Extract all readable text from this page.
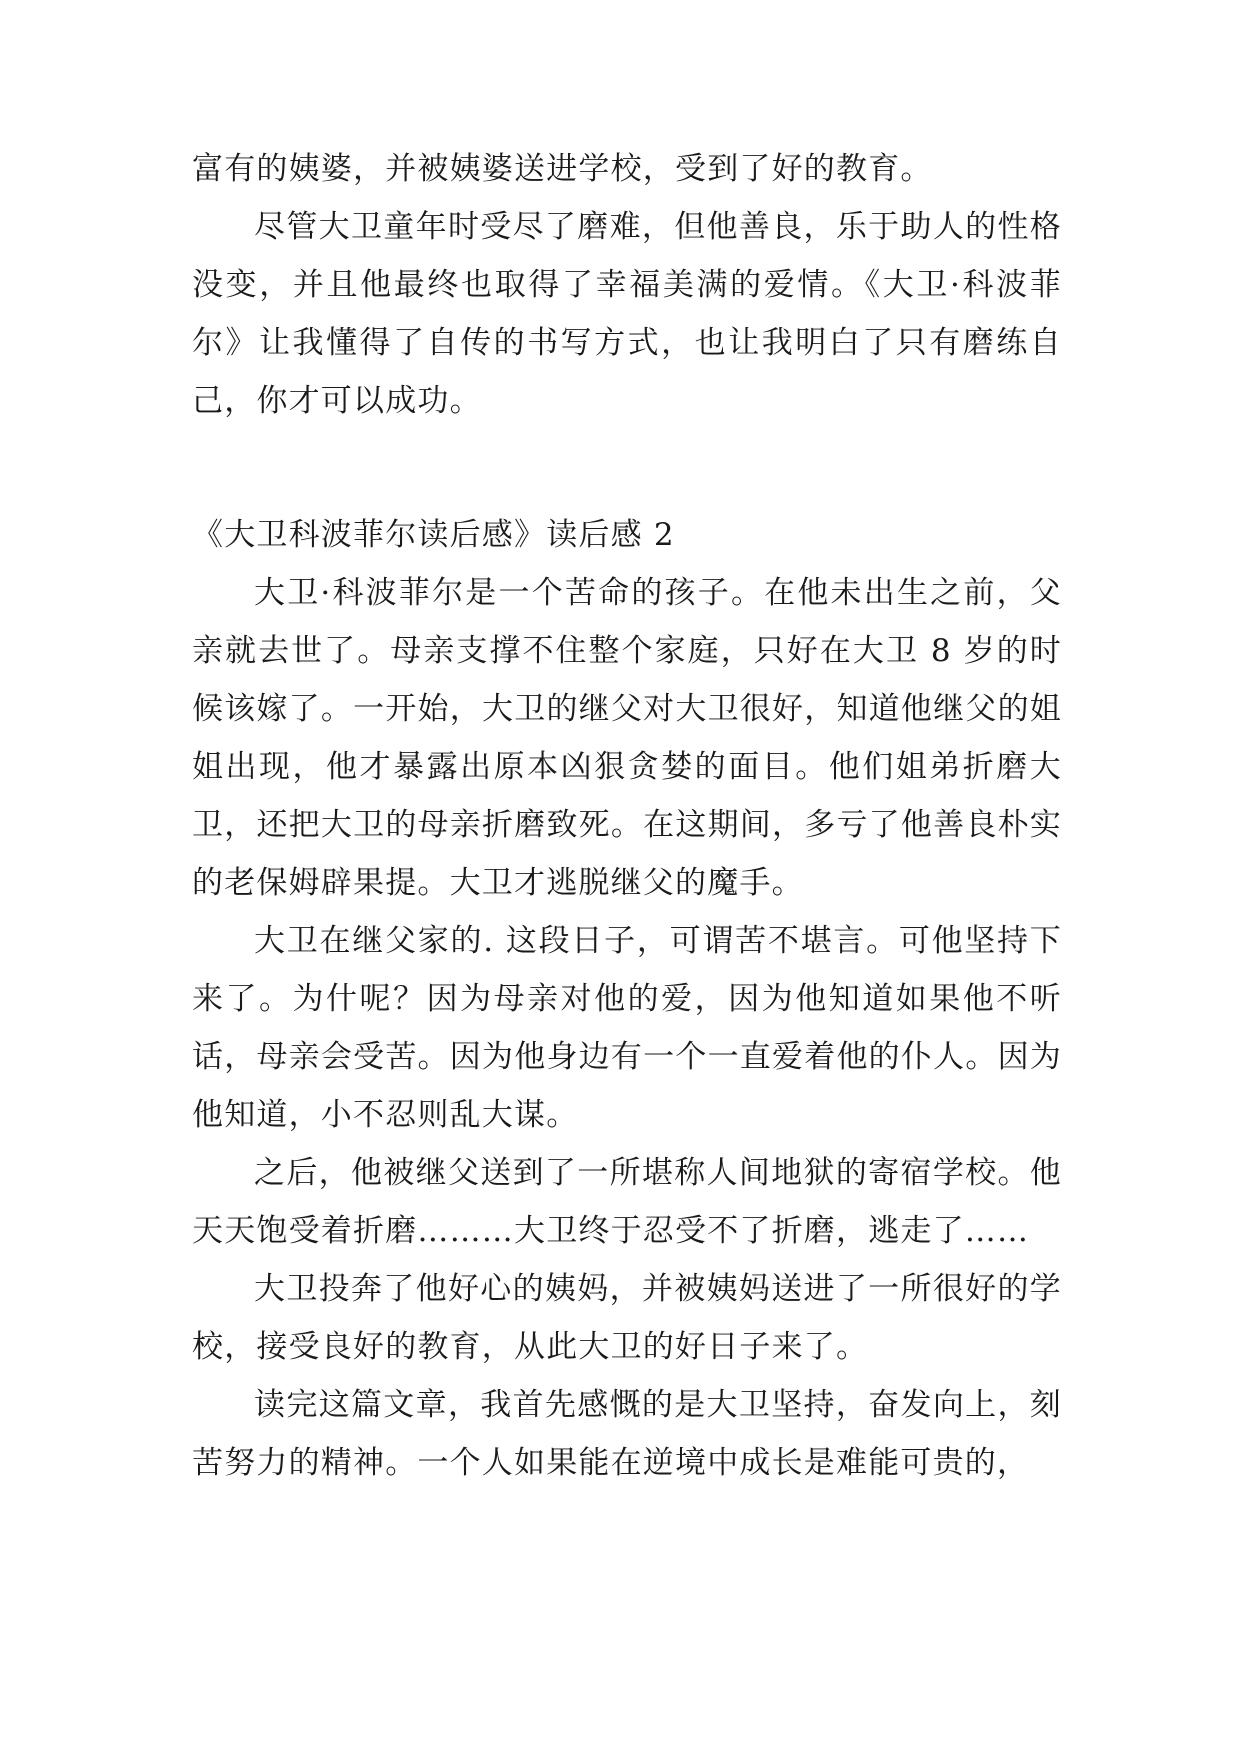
富有的姨婆，并被姨婆送进学校，受到了好的教育。

尽管大卫童年时受尽了磨难，但他善良，乐于助人的性格没变，并且他最终也取得了幸福美满的爱情。《大卫·科波菲尔》让我懂得了自传的书写方式，也让我明白了只有磨练自己，你才可以成功。

《大卫科波菲尔读后感》读后感 2

大卫·科波菲尔是一个苦命的孩子。在他未出生之前，父亲就去世了。母亲支撑不住整个家庭，只好在大卫 8 岁的时候该嫁了。一开始，大卫的继父对大卫很好，知道他继父的姐姐出现，他才暴露出原本凶狠贪婪的面目。他们姐弟折磨大卫，还把大卫的母亲折磨致死。在这期间，多亏了他善良朴实的老保姆辟果提。大卫才逃脱继父的魔手。

大卫在继父家的. 这段日子，可谓苦不堪言。可他坚持下来了。为什呢？因为母亲对他的爱，因为他知道如果他不听话，母亲会受苦。因为他身边有一个一直爱着他的仆人。因为他知道，小不忍则乱大谋。

之后，他被继父送到了一所堪称人间地狱的寄宿学校。他天天饱受着折磨………大卫终于忍受不了折磨，逃走了……

大卫投奔了他好心的姨妈，并被姨妈送进了一所很好的学校，接受良好的教育，从此大卫的好日子来了。

读完这篇文章，我首先感慨的是大卫坚持，奋发向上，刻苦努力的精神。一个人如果能在逆境中成长是难能可贵的，
